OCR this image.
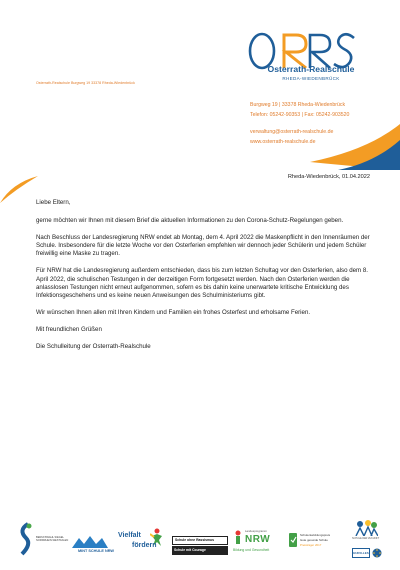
Osterrath-Realschule Burgweg 19 33378 Rheda-Wiedenbrück
Osterrath-Realschule
RHEDA-WIEDENBRÜCK
Burgweg 19 | 33378 Rheda-Wiedenbrück
Telefon: 05242-90353 | Fax: 05242-903520
verwaltung@osterrath-realschule.de
www.osterrath-realschule.de
Rheda-Wiedenbrück, 01.04.2022

Liebe Eltern,

gerne möchten wir Ihnen mit diesem Brief die aktuellen Informationen zu den Corona-Schutz-Regelungen geben.

Nach Beschluss der Landesregierung NRW endet ab Montag, dem 4. April 2022 die Maskenpflicht in den Innenräumen der Schule. Insbesondere für die letzte Woche vor den Osterferien empfehlen wir dennoch jeder Schülerin und jedem Schüler freiwillig eine Maske zu tragen.

Für NRW hat die Landesregierung außerdem entschieden, dass bis zum letzten Schultag vor den Osterferien, also dem 8. April 2022, die schulischen Testungen in der derzeitigen Form fortgesetzt werden. Nach den Osterferien werden die anlasslosen Testungen nicht erneut aufgenommen, sofern es bis dahin keine unerwartete kritische Entwicklung des Infektionsgeschehens und es keine neuen Anweisungen des Schulministeriums gibt.

Wir wünschen Ihnen allen mit Ihren Kindern und Familien ein frohes Osterfest und erholsame Ferien.

Mit freundlichen Grüßen

Die Schulleitung der Osterrath-Realschule

BERUFSWAHL SIEGEL NORDRHEIN-WESTFALEN
MINT SCHULE NRW
Vielfalt
fördern
Schule ohne Rassismus
Schule mit Courage
Landesprogramm
NRW
Bildung und Gesundheit
Schulentwicklungspreis
Gute gesunde Schule
Preisträger 2017
SCHULE DER ZUKUNFT
EURO-LES
